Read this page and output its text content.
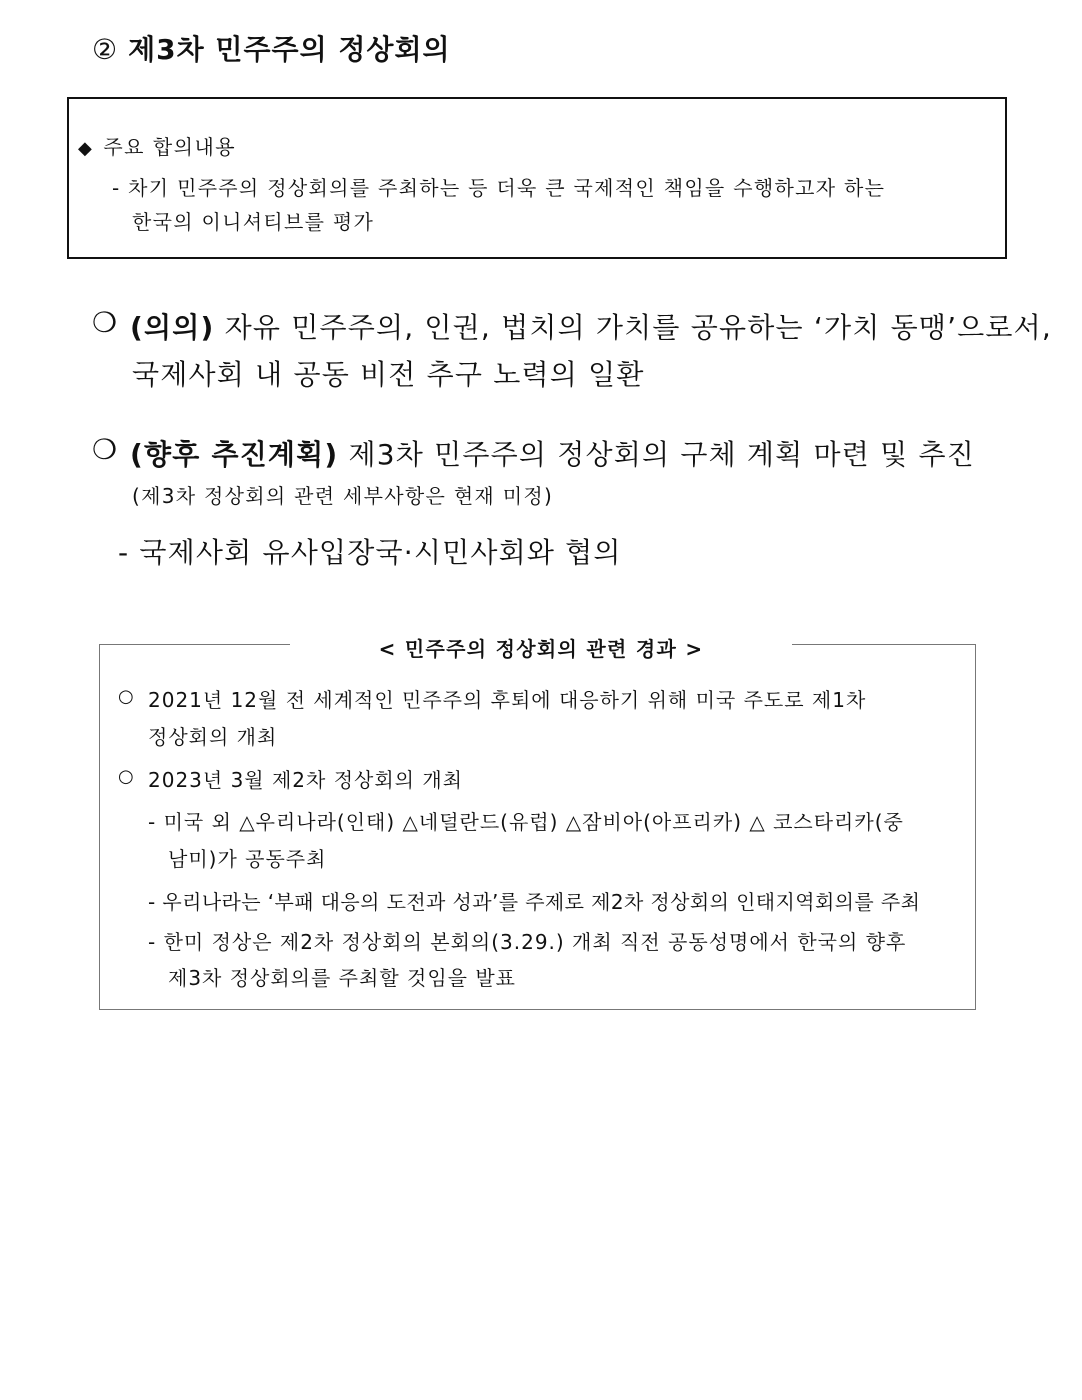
② 제3차 민주주의 정상회의
◆ 주요 합의내용
- 차기 민주주의 정상회의를 주최하는 등 더욱 큰 국제적인 책임을 수행하고자 하는
한국의 이니셔티브를 평가
❍ (의의) 자유 민주주의, 인권, 법치의 가치를 공유하는 ‘가치 동맹’으로서,
국제사회 내 공동 비전 추구 노력의 일환
❍ (향후 추진계획) 제3차 민주주의 정상회의 구체 계획 마련 및 추진
(제3차 정상회의 관련 세부사항은 현재 미정)
- 국제사회 유사입장국·시민사회와 협의
< 민주주의 정상회의 관련 경과 >
○ 2021년 12월 전 세계적인 민주주의 후퇴에 대응하기 위해 미국 주도로 제1차
정상회의 개최
○ 2023년 3월 제2차 정상회의 개최
- 미국 외 △우리나라(인태) △네덜란드(유럽) △잠비아(아프리카) △ 코스타리카(중
남미)가 공동주최
- 우리나라는 ‘부패 대응의 도전과 성과’를 주제로 제2차 정상회의 인태지역회의를 주최
- 한미 정상은 제2차 정상회의 본회의(3.29.) 개최 직전 공동성명에서 한국의 향후
제3차 정상회의를 주최할 것임을 발표
